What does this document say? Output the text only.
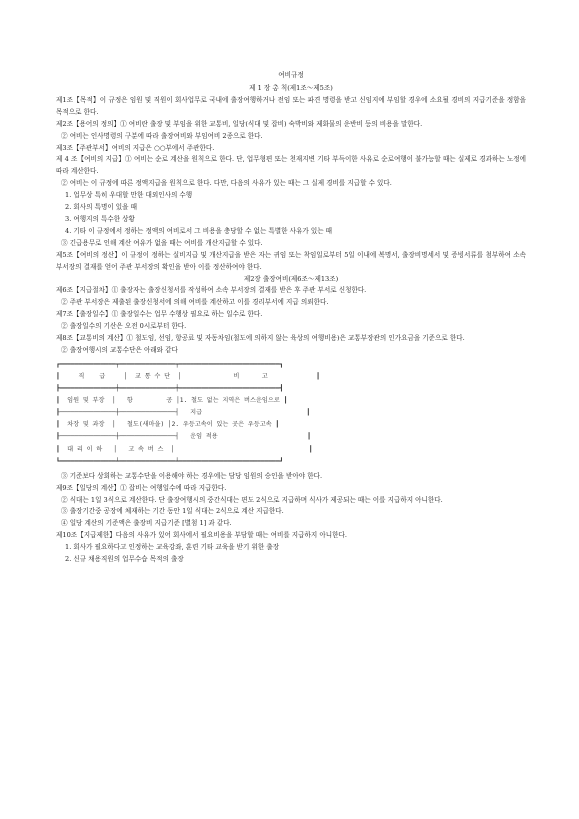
여비규정
제 1 장 총 칙(제1조～제5조)

제1조【목적】이 규정은 임원 및 직원이 회사업무로 국내에 출장여행하거나 전임 또는 파견 명령을 받고 신임지에 부임할 경우에 소요될 경비의 지급기준을 정함을 목적으로 한다.

제2조【용어의 정의】① 여비란 출장 및 부임을 위한 교통비, 일당(식대 및 잡비) 숙박비와 제화물의 운반비 등의 비용을 말한다.

② 여비는 인사명령의 구분에 따라 출장여비와 부임여비 2종으로 한다.

제3조【주관부서】여비의 지급은 ○○부에서 주관한다.

제 4 조【여비의 지급】① 여비는 순로 계산을 원칙으로 한다. 단, 업무형편 또는 천재지변 기타 부득이한 사유로 순로여행이 불가능할 때는 실제로 경과하는 노정에 따라 계산한다.

② 여비는 이 규정에 따른 정액지급을 원칙으로 한다. 다만, 다음의 사유가 있는 때는 그 실제 경비를 지급할 수 있다.

1. 업무상 특히 우대할 만한 대외인사의 수행

2. 회사의 특명이 있을 때

3. 여행지의 특수한 상황

4. 기타 이 규정에서 정하는 정액의 여비로서 그 비용을 충당할 수 없는 특별한 사유가 있는 때

③ 긴급용무로 인해 계산 여유가 없을 때는 여비를 개산지급할 수 있다.

제5조【여비의 정산】이 규정이 정하는 실비지급 및 개산지급을 받은 자는 귀임 또는 착임일로부터 5일 이내에 복명서, 출장비명세서 및 증빙서류를 첨부하여 소속 부서장의 결재를 얻어 주관 부서장의 확인을 받아 이를 정산하여야 한다.

제2장 출장여비(제6조～제13조)

제6조【지급절차】① 출장자는 출장신청서를 작성하여 소속 부서장의 결재를 받은 후 주관 부서로 신청한다.

② 주관 부서장은 제출된 출장신청서에 의해 여비를 계산하고 이를 경리부서에 지급 의뢰한다.

제7조【출장일수】① 출장일수는 업무 수행상 필요로 하는 일수로 한다.

② 출장일수의 기산은 오전 0시로부터 한다.

제8조【교통비의 계산】① 철도임, 선임, 항공료 및 자동차임(철도에 의하지 않는 육상의 여행비용)은 교통부장관의 인가요금을 기준으로 한다.

② 출장여행시의 교통수단은 아래와 같다

┏━━━━━━━━━━━━━━━┯━━━━━━━━━━━━━━━┯━━━━━━━━━━━━━━━━━━━━━━━━━━━┓
┃     직    급     │  교 통 수 단  │              비      고             ┃
┣━━━━━━━━━━━━━━━┿━━━━━━━━━━━━━━━┿━━━━━━━━━━━━━━━━━━━━━━━━━━━┫
┃  임원 및 부장  │   항         공 │1. 철도 없는 지역은 버스운임으로 ┃
┠───────────────┼───────────────┤   지급                            ┃
┃  차장 및 과장  │   철도(새마을) │2. 우등고속이 있는 곳은 우등고속 ┃
┠───────────────┼───────────────┤   운임 적용                        ┃
┃  대 리 이 하   │   고 속 버 스  │                                    ┃
┗━━━━━━━━━━━━━━━┷━━━━━━━━━━━━━━━┷━━━━━━━━━━━━━━━━━━━━━━━━━━━┛

③ 기준보다 상회하는 교통수단을 이용해야 하는 경우에는 담당 임원의 승인을 받아야 한다.

제9조【일당의 계산】① 잡비는 여행일수에 따라 지급한다.

② 식대는 1일 3식으로 계산한다. 단 출장여행시의 중간식대는 편도 2식으로 지급하며 식사가 제공되는 때는 이를 지급하지 아니한다.

③ 출장기간중 공장에 체재하는 기간 동안 1일 식대는 2식으로 계산 지급한다.

④ 일당 계산의 기준액은 출장비 지급기준 [별첨 1] 과 같다.

제10조【지급제한】다음의 사유가 있어 회사에서 필요비용을 부담할 때는 여비를 지급하지 아니한다.

1. 회사가 필요하다고 인정하는 교육강좌, 훈련 기타 교육을 받기 위한 출장

2. 신규 채용직원의 업무수습 목적의 출장
